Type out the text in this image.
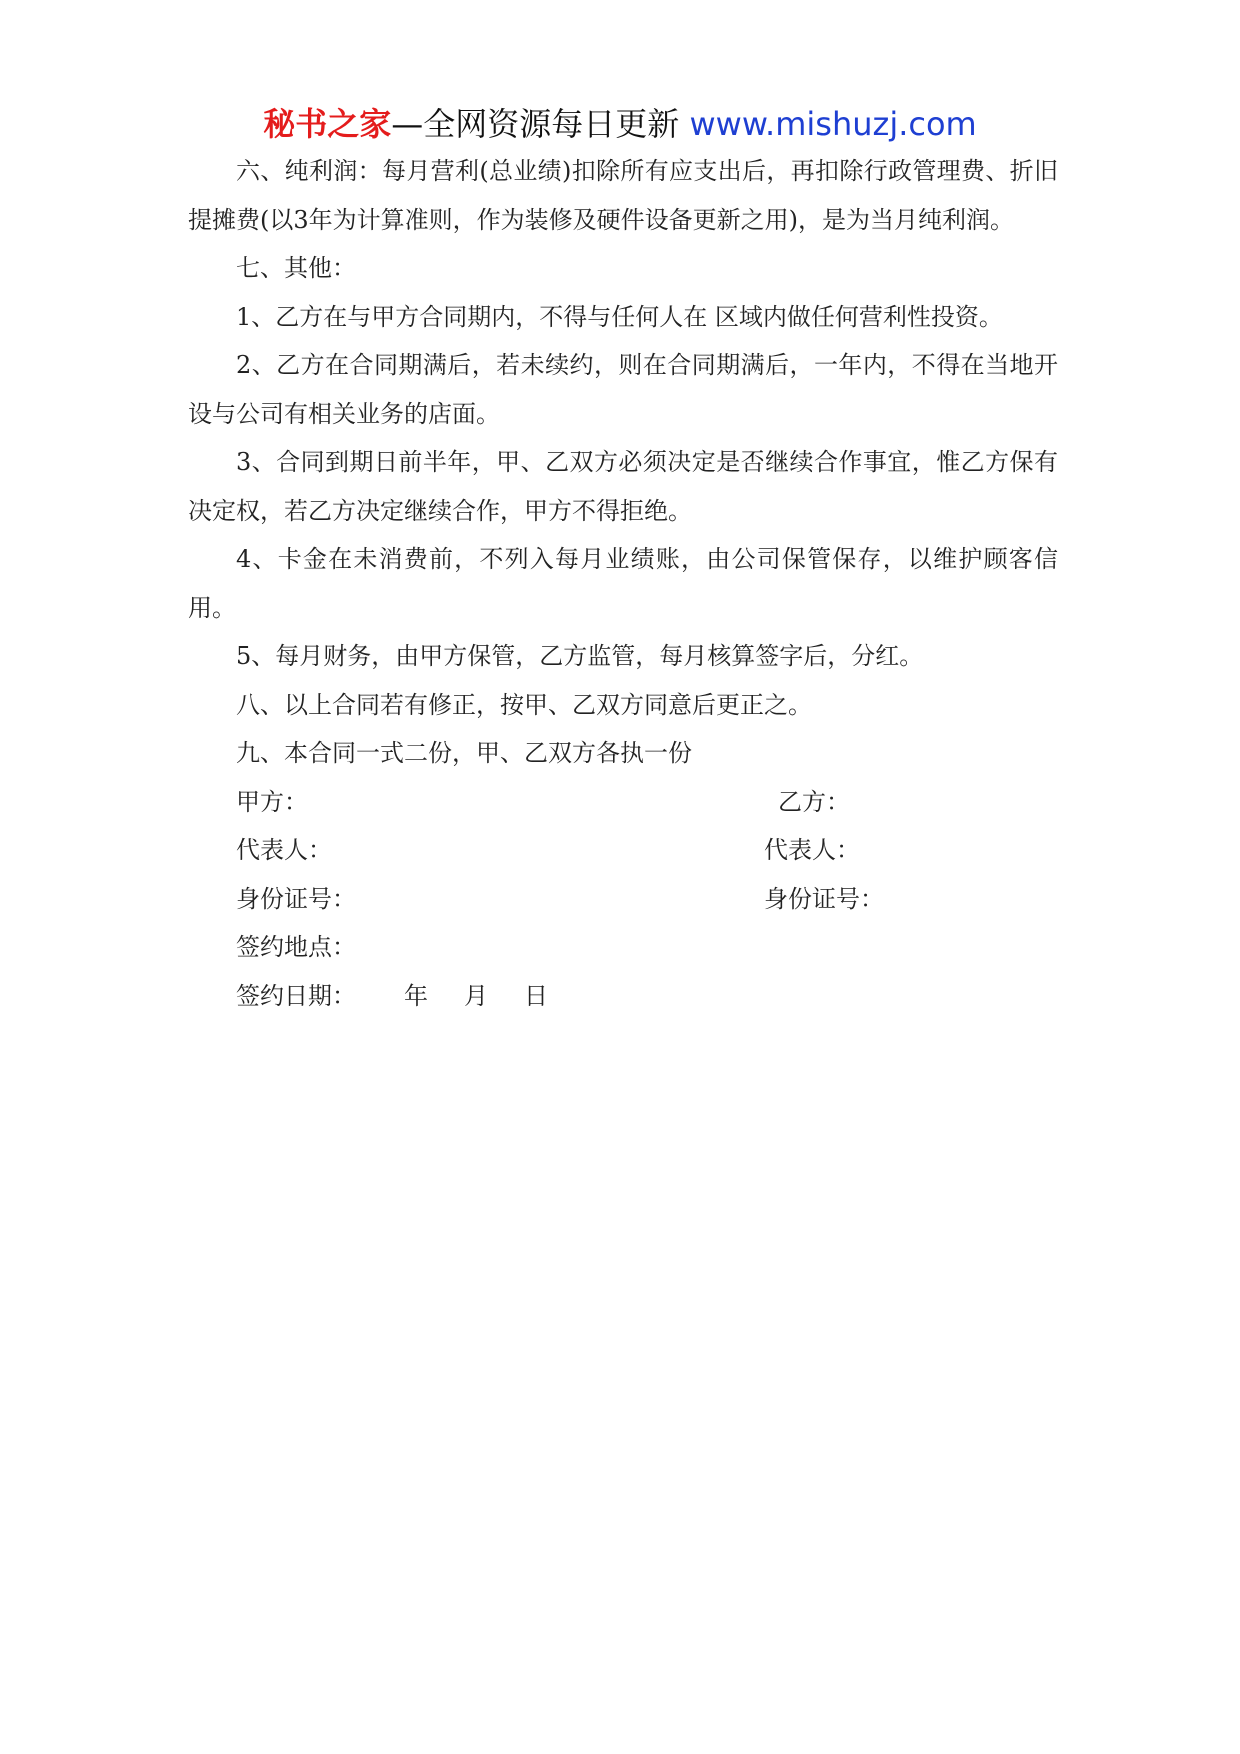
秘书之家—全网资源每日更新 www.mishuzj.com

六、纯利润：每月营利(总业绩)扣除所有应支出后，再扣除行政管理费、折旧提摊费(以3年为计算准则，作为装修及硬件设备更新之用)，是为当月纯利润。

七、其他：

1、乙方在与甲方合同期内，不得与任何人在 区域内做任何营利性投资。

2、乙方在合同期满后，若未续约，则在合同期满后，一年内，不得在当地开设与公司有相关业务的店面。

3、合同到期日前半年，甲、乙双方必须决定是否继续合作事宜，惟乙方保有决定权，若乙方决定继续合作，甲方不得拒绝。

4、卡金在未消费前，不列入每月业绩账，由公司保管保存，以维护顾客信用。

5、每月财务，由甲方保管，乙方监管，每月核算签字后，分红。

八、以上合同若有修正，按甲、乙双方同意后更正之。

九、本合同一式二份，甲、乙双方各执一份

甲方：	乙方：
代表人：	代表人：
身份证号：	身份证号：
签约地点：
签约日期： 年 月 日
